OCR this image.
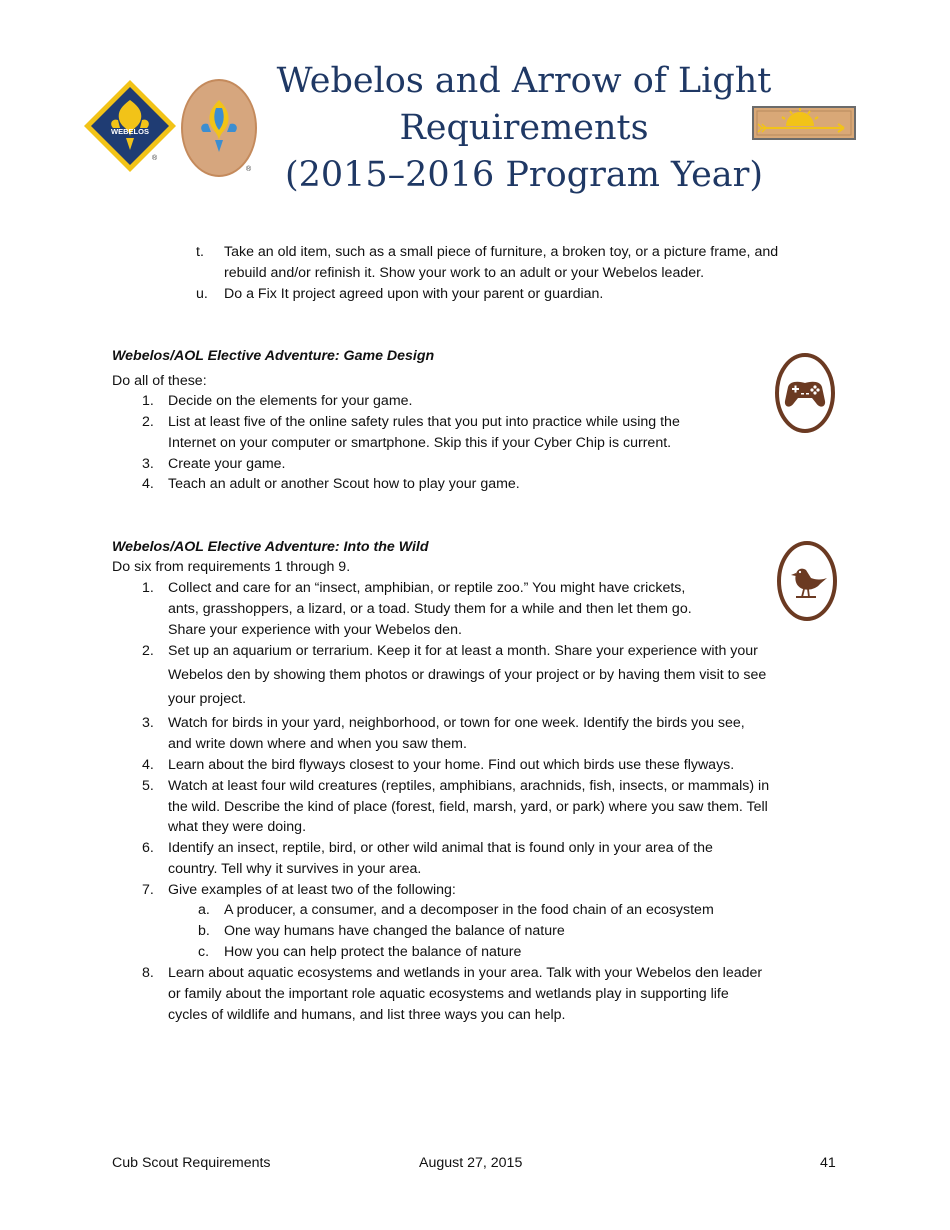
WEBELOS
®
®
Webelos and Arrow of Light
Requirements
(2015–2016 Program Year)
t. Take an old item, such as a small piece of furniture, a broken toy, or a picture frame, and
rebuild and/or refinish it. Show your work to an adult or your Webelos leader.
u. Do a Fix It project agreed upon with your parent or guardian.
Webelos/AOL Elective Adventure: Game Design
Do all of these:
1. Decide on the elements for your game.
2. List at least five of the online safety rules that you put into practice while using the
Internet on your computer or smartphone. Skip this if your Cyber Chip is current.
3. Create your game.
4. Teach an adult or another Scout how to play your game.
Webelos/AOL Elective Adventure: Into the Wild
Do six from requirements 1 through 9.
1. Collect and care for an “insect, amphibian, or reptile zoo.” You might have crickets,
ants, grasshoppers, a lizard, or a toad. Study them for a while and then let them go.
Share your experience with your Webelos den.
2. Set up an aquarium or terrarium. Keep it for at least a month. Share your experience with your
Webelos den by showing them photos or drawings of your project or by having them visit to see
your project.
3. Watch for birds in your yard, neighborhood, or town for one week. Identify the birds you see,
and write down where and when you saw them.
4. Learn about the bird flyways closest to your home. Find out which birds use these flyways.
5. Watch at least four wild creatures (reptiles, amphibians, arachnids, fish, insects, or mammals) in
the wild. Describe the kind of place (forest, field, marsh, yard, or park) where you saw them. Tell
what they were doing.
6. Identify an insect, reptile, bird, or other wild animal that is found only in your area of the
country. Tell why it survives in your area.
7. Give examples of at least two of the following:
a. A producer, a consumer, and a decomposer in the food chain of an ecosystem
b. One way humans have changed the balance of nature
c. How you can help protect the balance of nature
8. Learn about aquatic ecosystems and wetlands in your area. Talk with your Webelos den leader
or family about the important role aquatic ecosystems and wetlands play in supporting life
cycles of wildlife and humans, and list three ways you can help.
Cub Scout Requirements	August 27, 2015	41
